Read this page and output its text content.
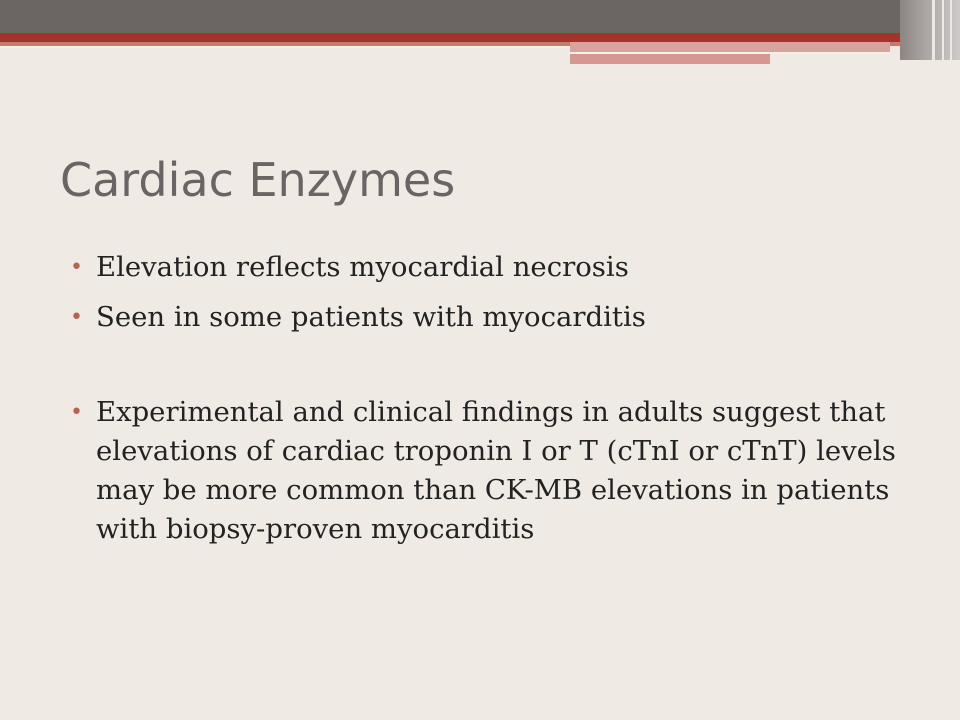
Cardiac Enzymes
• Elevation reflects myocardial necrosis
• Seen in some patients with myocarditis
• Experimental and clinical findings in adults suggest that elevations of cardiac troponin I or T (cTnI or cTnT) levels may be more common than CK-MB elevations in patients with biopsy-proven myocarditis
